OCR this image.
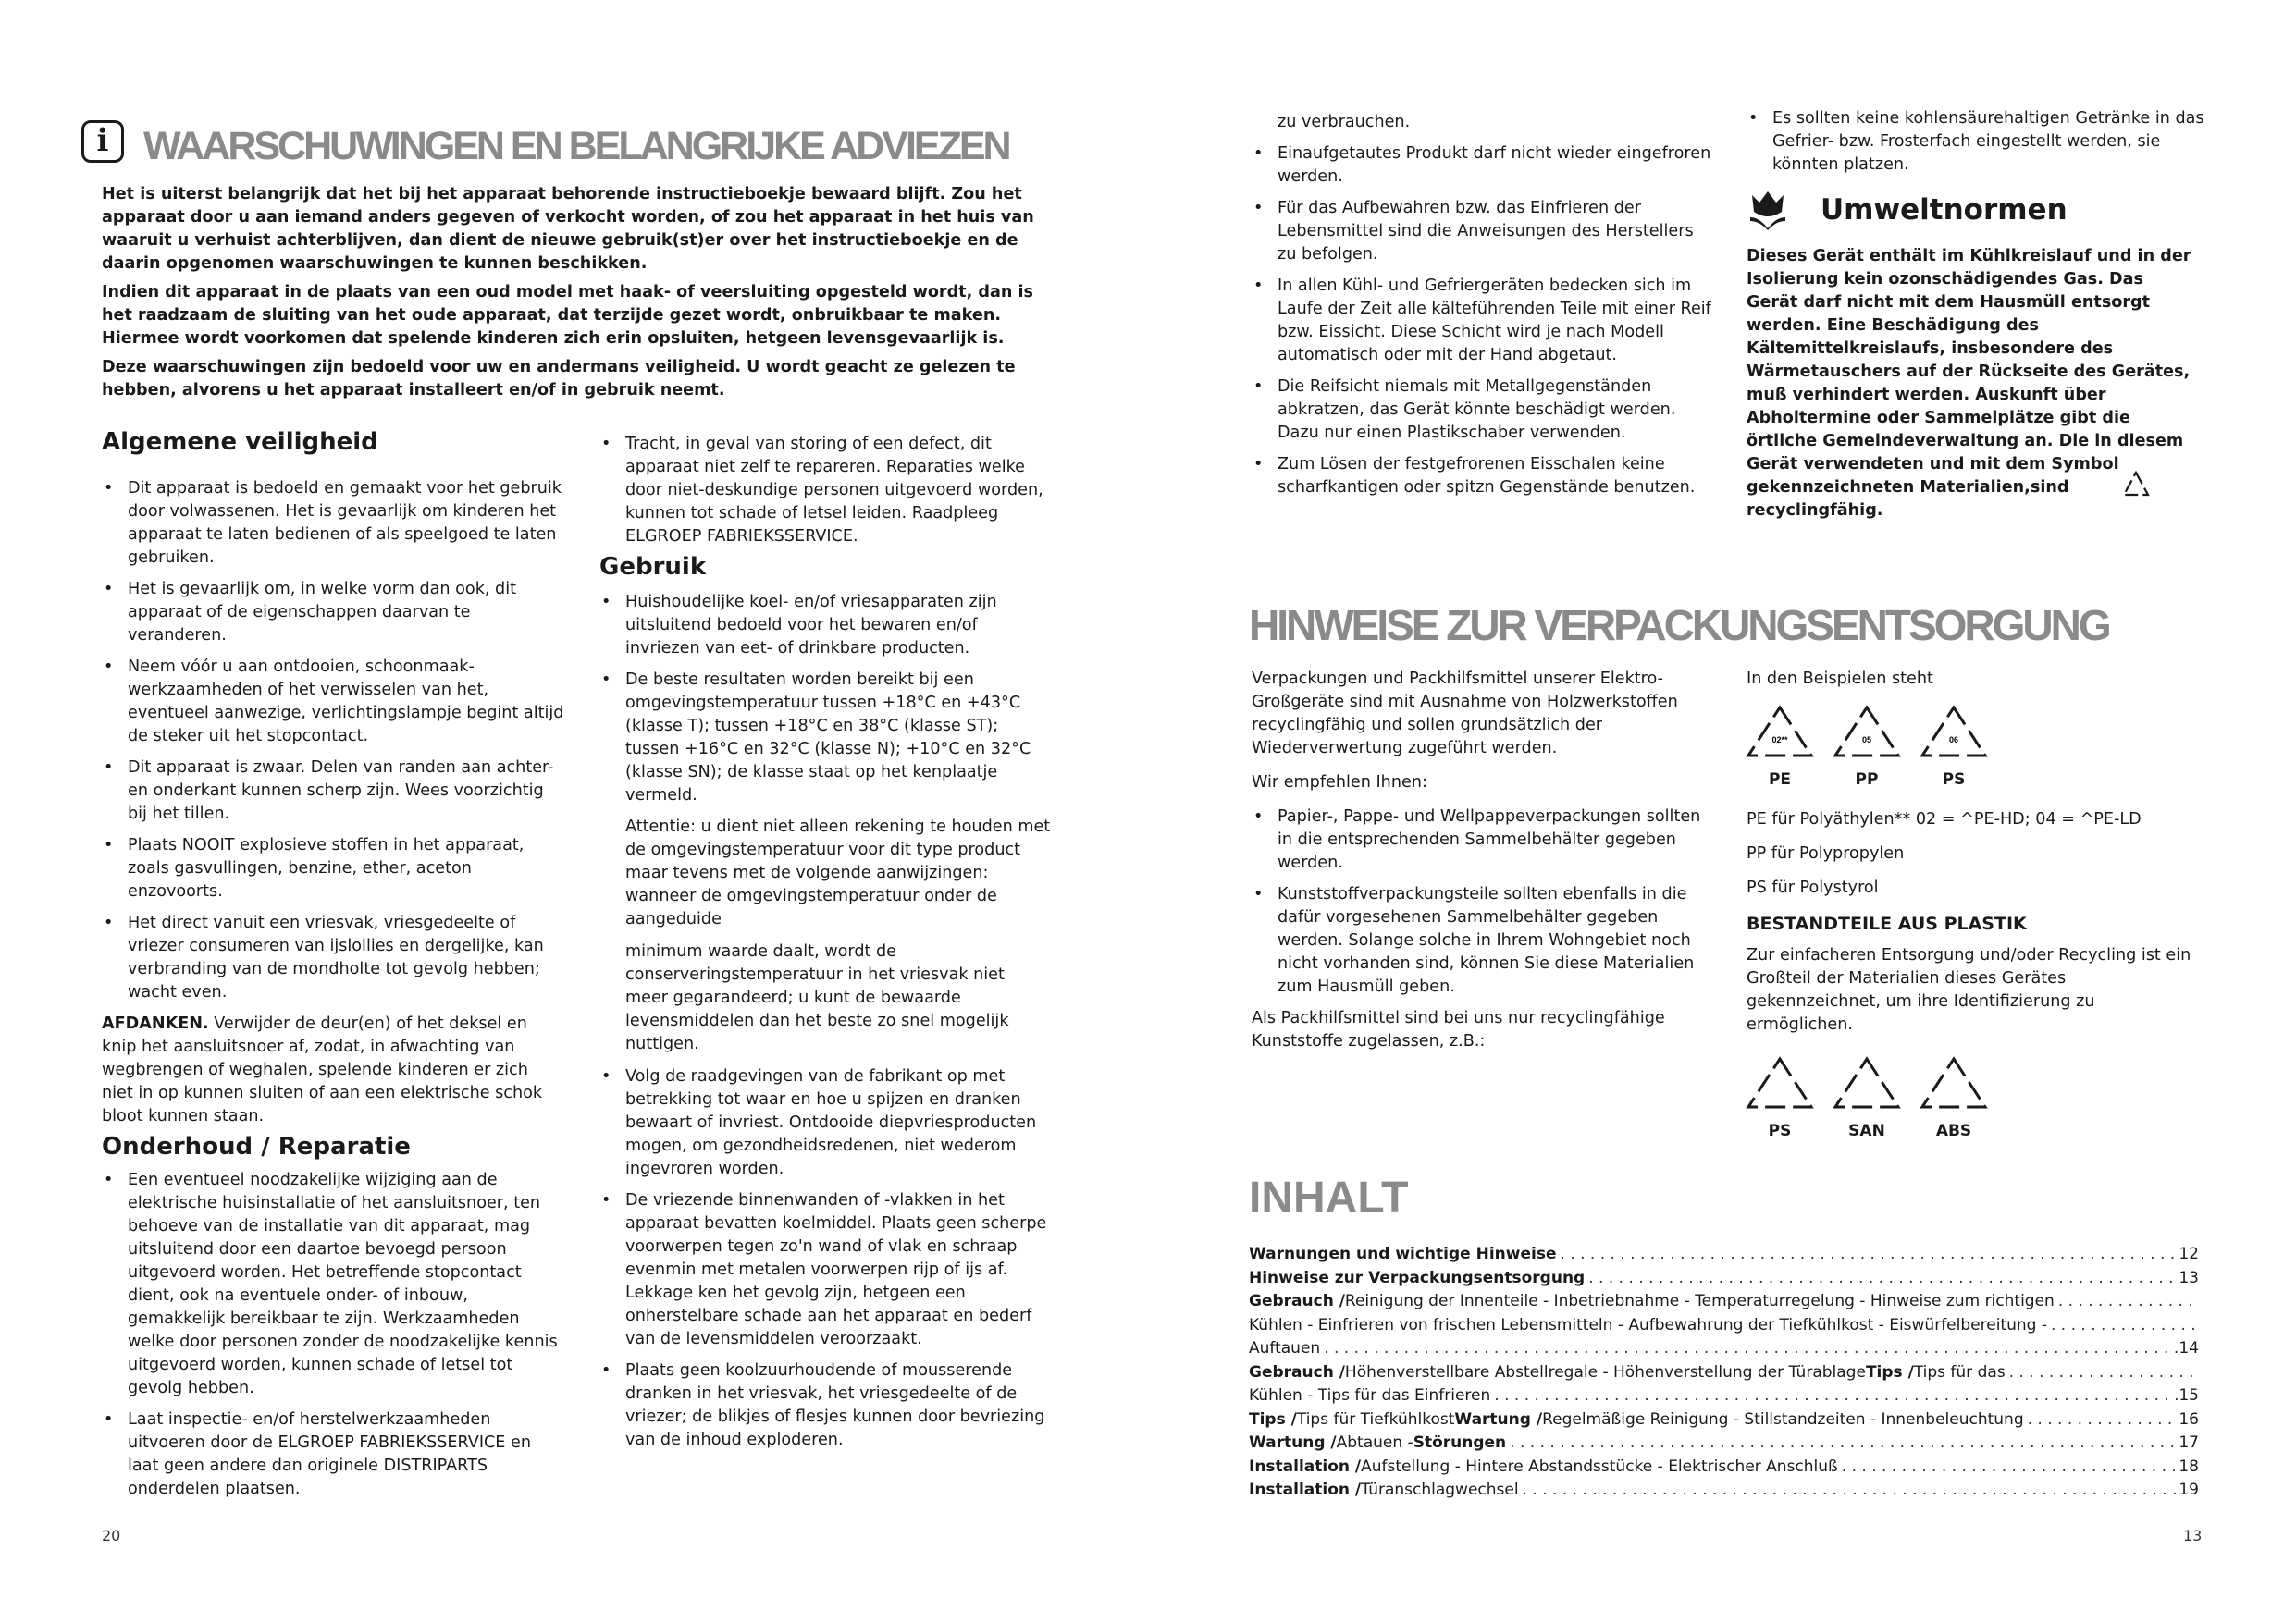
i WAARSCHUWINGEN EN BELANGRIJKE ADVIEZEN

Het is uiterst belangrijk dat het bij het apparaat behorende instructieboekje bewaard blijft. Zou het apparaat door u aan iemand anders gegeven of verkocht worden, of zou het apparaat in het huis van waaruit u verhuist achterblijven, dan dient de nieuwe gebruik(st)er over het instructieboekje en de daarin opgenomen waarschuwingen te kunnen beschikken.

Indien dit apparaat in de plaats van een oud model met haak- of veersluiting opgesteld wordt, dan is het raadzaam de sluiting van het oude apparaat, dat terzijde gezet wordt, onbruikbaar te maken. Hiermee wordt voorkomen dat spelende kinderen zich erin opsluiten, hetgeen levensgevaarlijk is.

Deze waarschuwingen zijn bedoeld voor uw en andermans veiligheid. U wordt geacht ze gelezen te hebben, alvorens u het apparaat installeert en/of in gebruik neemt.

Algemene veiligheid
• Dit apparaat is bedoeld en gemaakt voor het gebruik door volwassenen. Het is gevaarlijk om kinderen het apparaat te laten bedienen of als speelgoed te laten gebruiken.
• Het is gevaarlijk om, in welke vorm dan ook, dit apparaat of de eigenschappen daarvan te veranderen.
• Neem vóór u aan ontdooien, schoonmaak-werkzaamheden of het verwisselen van het, eventueel aanwezige, verlichtingslampje begint altijd de steker uit het stopcontact.
• Dit apparaat is zwaar. Delen van randen aan achter- en onderkant kunnen scherp zijn. Wees voorzichtig bij het tillen.
• Plaats NOOIT explosieve stoffen in het apparaat, zoals gasvullingen, benzine, ether, aceton enzovoorts.
• Het direct vanuit een vriesvak, vriesgedeelte of vriezer consumeren van ijslollies en dergelijke, kan verbranding van de mondholte tot gevolg hebben; wacht even.

AFDANKEN. Verwijder de deur(en) of het deksel en knip het aansluitsnoer af, zodat, in afwachting van wegbrengen of weghalen, spelende kinderen er zich niet in op kunnen sluiten of aan een elektrische schok bloot kunnen staan.

Onderhoud / Reparatie
• Een eventueel noodzakelijke wijziging aan de elektrische huisinstallatie of het aansluitsnoer, ten behoeve van de installatie van dit apparaat, mag uitsluitend door een daartoe bevoegd persoon uitgevoerd worden. Het betreffende stopcontact dient, ook na eventuele onder- of inbouw, gemakkelijk bereikbaar te zijn. Werkzaamheden welke door personen zonder de noodzakelijke kennis uitgevoerd worden, kunnen schade of letsel tot gevolg hebben.
• Laat inspectie- en/of herstelwerkzaamheden uitvoeren door de ELGROEP FABRIEKSSERVICE en laat geen andere dan originele DISTRIPARTS onderdelen plaatsen.
• Tracht, in geval van storing of een defect, dit apparaat niet zelf te repareren. Reparaties welke door niet-deskundige personen uitgevoerd worden, kunnen tot schade of letsel leiden. Raadpleeg ELGROEP FABRIEKSSERVICE.
Gebruik
• Huishoudelijke koel- en/of vriesapparaten zijn uitsluitend bedoeld voor het bewaren en/of invriezen van eet- of drinkbare producten.
• De beste resultaten worden bereikt bij een omgevingstemperatuur tussen +18°C en +43°C (klasse T); tussen +18°C en 38°C (klasse ST); tussen +16°C en 32°C (klasse N); +10°C en 32°C (klasse SN); de klasse staat op het kenplaatje vermeld.

Attentie: u dient niet alleen rekening te houden met de omgevingstemperatuur voor dit type product maar tevens met de volgende aanwijzingen: wanneer de omgevingstemperatuur onder de aangeduide

minimum waarde daalt, wordt de conserveringstemperatuur in het vriesvak niet meer gegarandeerd; u kunt de bewaarde levensmiddelen dan het beste zo snel mogelijk nuttigen.

• Volg de raadgevingen van de fabrikant op met betrekking tot waar en hoe u spijzen en dranken bewaart of invriest. Ontdooide diepvriesproducten mogen, om gezondheidsredenen, niet wederom ingevroren worden.
• De vriezende binnenwanden of -vlakken in het apparaat bevatten koelmiddel. Plaats geen scherpe voorwerpen tegen zo'n wand of vlak en schraap evenmin met metalen voorwerpen rijp of ijs af. Lekkage ken het gevolg zijn, hetgeen een onherstelbare schade aan het apparaat en bederf van de levensmiddelen veroorzaakt.
• Plaats geen koolzuurhoudende of mousserende dranken in het vriesvak, het vriesgedeelte of de vriezer; de blikjes of flesjes kunnen door bevriezing van de inhoud exploderen.
20

zu verbrauchen.

• Einaufgetautes Produkt darf nicht wieder eingefroren werden.
• Für das Aufbewahren bzw. das Einfrieren der Lebensmittel sind die Anweisungen des Herstellers zu befolgen.
• In allen Kühl- und Gefriergeräten bedecken sich im Laufe der Zeit alle kälteführenden Teile mit einer Reif bzw. Eissicht. Diese Schicht wird je nach Modell automatisch oder mit der Hand abgetaut.
• Die Reifsicht niemals mit Metallgegenständen abkratzen, das Gerät könnte beschädigt werden. Dazu nur einen Plastikschaber verwenden.
• Zum Lösen der festgefrorenen Eisschalen keine scharfkantigen oder spitzn Gegenstände benutzen.
• Es sollten keine kohlensäurehaltigen Getränke in das Gefrier- bzw. Frosterfach eingestellt werden, sie könnten platzen.
Umweltnormen

Dieses Gerät enthält im Kühlkreislauf und in der Isolierung kein ozonschädigendes Gas. Das Gerät darf nicht mit dem Hausmüll entsorgt werden. Eine Beschädigung des Kältemittelkreislaufs, insbesondere des Wärmetauschers auf der Rückseite des Gerätes, muß verhindert werden. Auskunft über Abholtermine oder Sammelplätze gibt die örtliche Gemeindeverwaltung an. Die in diesem Gerät verwendeten und mit dem Symbol

gekennzeichneten Materialien,sind recyclingfähig.
HINWEISE ZUR VERPACKUNGSENTSORGUNG

Verpackungen und Packhilfsmittel unserer Elektro-Großgeräte sind mit Ausnahme von Holzwerkstoffen recyclingfähig und sollen grundsätzlich der Wiederverwertung zugeführt werden.

Wir empfehlen Ihnen:

• Papier-, Pappe- und Wellpappeverpackungen sollten in die entsprechenden Sammelbehälter gegeben werden.
• Kunststoffverpackungsteile sollten ebenfalls in die dafür vorgesehenen Sammelbehälter gegeben werden. Solange solche in Ihrem Wohngebiet noch nicht vorhanden sind, können Sie diese Materialien zum Hausmüll geben.

Als Packhilfsmittel sind bei uns nur recyclingfähige Kunststoffe zugelassen, z.B.:

In den Beispielen steht

02**
PE
05
PP
06
PS

PE für Polyäthylen** 02 = ^PE-HD; 04 = ^PE-LD

PP für Polypropylen

PS für Polystyrol

BESTANDTEILE AUS PLASTIK

Zur einfacheren Entsorgung und/oder Recycling ist ein Großteil der Materialien dieses Gerätes gekennzeichnet, um ihre Identifizierung zu ermöglichen.

PS	SAN	ABS
INHALT
Warnungen und wichtige Hinweise . . .	12
Hinweise zur Verpackungsentsorgung . . .	13
Gebrauch / Reinigung der Innenteile - Inbetriebnahme - Temperaturregelung - Hinweise zum richtigen
. . .
Kühlen - Einfrieren von frischen Lebensmitteln - Aufbewahrung der Tiefkühlkost - Eiswürfelbereitung -
. . .
Auftauen . . .	14
Gebrauch / Höhenverstellbare Abstellregale - Höhenverstellung der Türablage Tips / Tips für das
. . .
Kühlen - Tips für das Einfrieren . . .	15
Tips / Tips für Tiefkühlkost Wartung / Regelmäßige Reinigung - Stillstandzeiten - Innenbeleuchtung . . .	16
Wartung / Abtauen - Störungen . . .	17
Installation / Aufstellung - Hintere Abstandsstücke - Elektrischer Anschluß . . .	18
Installation / Türanschlagwechsel . . .	19
13
